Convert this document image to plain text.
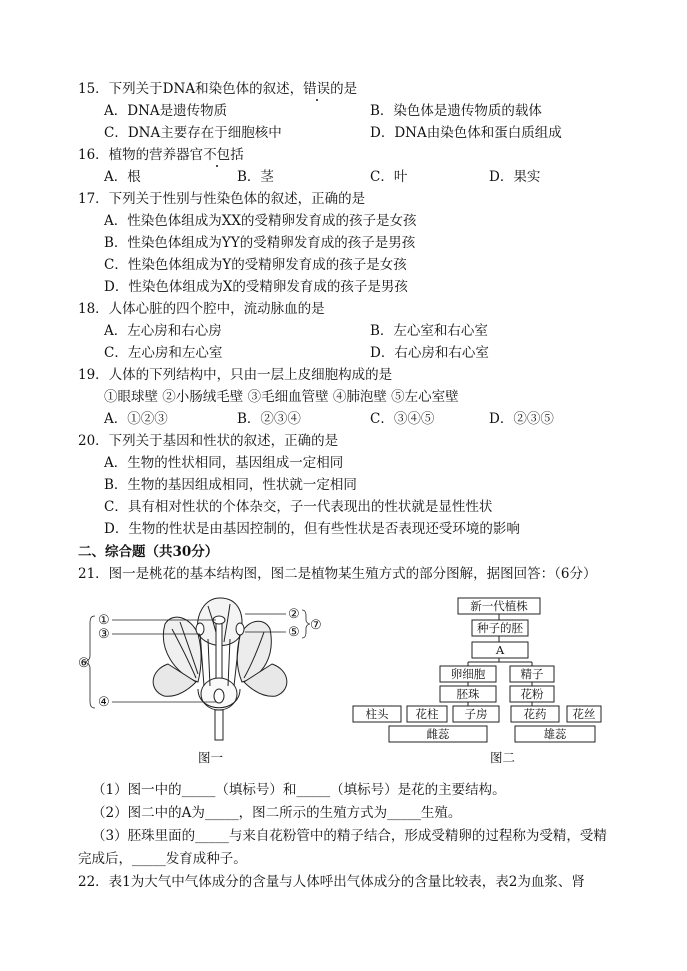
15．下列关于DNA和染色体的叙述，错误的是
A．DNA是遗传物质	B．染色体是遗传物质的载体
C．DNA主要存在于细胞核中	D．DNA由染色体和蛋白质组成
16．植物的营养器官不包括
A．根	B．茎	C．叶	D．果实
17．下列关于性别与性染色体的叙述，正确的是
A．性染色体组成为XX的受精卵发育成的孩子是女孩
B．性染色体组成为YY的受精卵发育成的孩子是男孩
C．性染色体组成为Y的受精卵发育成的孩子是女孩
D．性染色体组成为X的受精卵发育成的孩子是男孩
18．人体心脏的四个腔中，流动脉血的是
A．左心房和右心房	B．左心室和右心室
C．左心房和左心室	D．右心房和右心室
19．人体的下列结构中，只由一层上皮细胞构成的是
①眼球壁 ②小肠绒毛壁 ③毛细血管壁 ④肺泡壁 ⑤左心室壁
A．①②③	B．②③④	C．③④⑤	D．②③⑤
20．下列关于基因和性状的叙述，正确的是
A．生物的性状相同，基因组成一定相同
B．生物的基因组成相同，性状就一定相同
C．具有相对性状的个体杂交，子一代表现出的性状就是显性性状
D．生物的性状是由基因控制的，但有些性状是否表现还受环境的影响
二、综合题（共30分）
21．图一是桃花的基本结构图，图二是植物某生殖方式的部分图解，据图回答：（6分）
①
③
⑥
④
②
⑤ ⑦
图一
新一代植株
种子的胚
A
卵细胞	精子
胚珠	花粉
柱头 花柱 子房	花药 花丝
雌蕊	雄蕊
图二
（1）图一中的_____（填标号）和_____（填标号）是花的主要结构。
（2）图二中的A为_____，图二所示的生殖方式为_____生殖。
（3）胚珠里面的_____与来自花粉管中的精子结合，形成受精卵的过程称为受精，受精
完成后，_____发育成种子。
22．表1为大气中气体成分的含量与人体呼出气体成分的含量比较表，表2为血浆、肾
